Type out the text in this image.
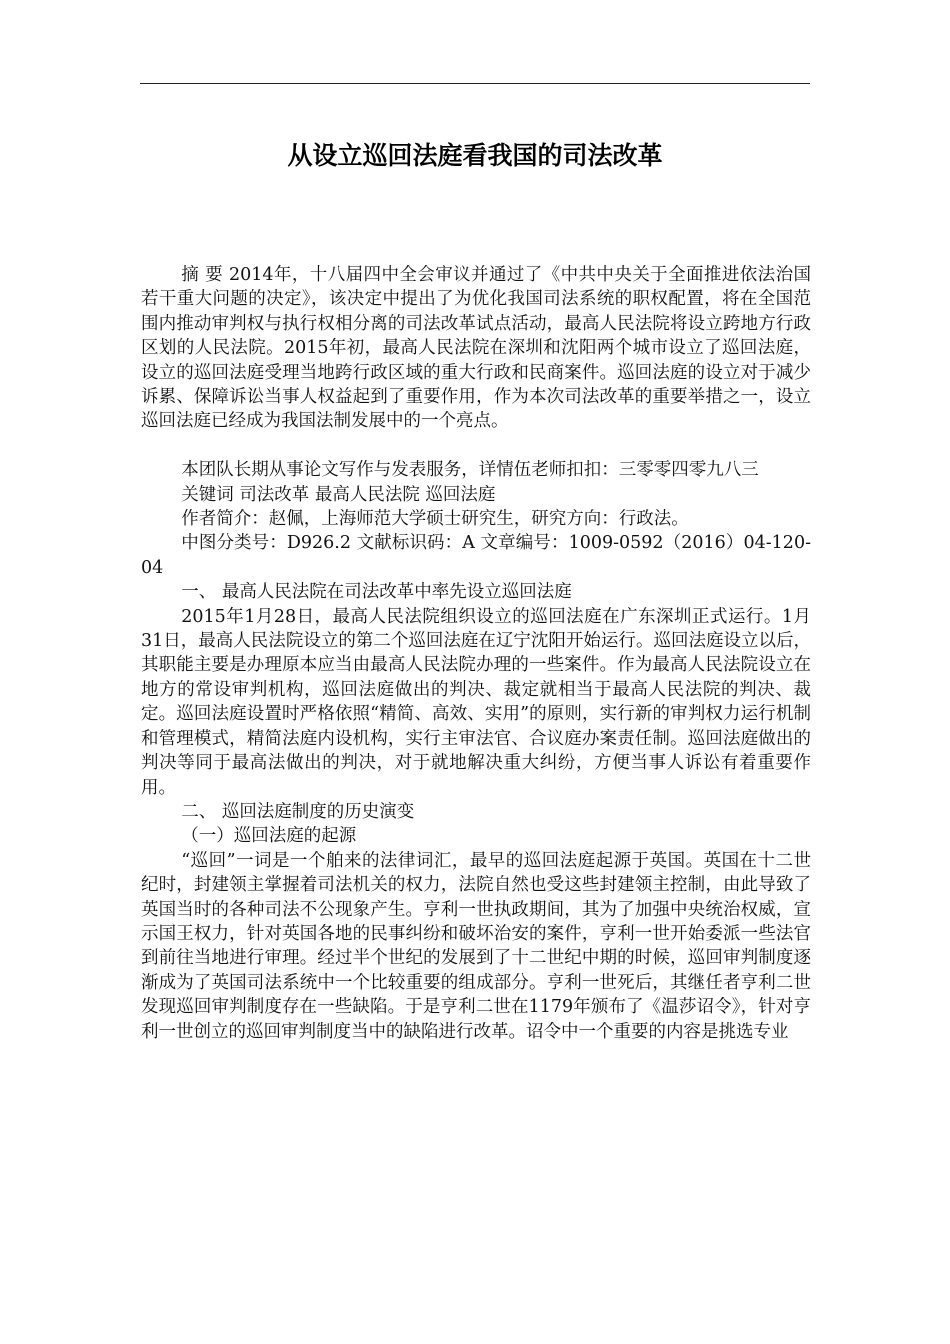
从设立巡回法庭看我国的司法改革

摘 要 2014年，十八届四中全会审议并通过了《中共中央关于全面推进依法治国若干重大问题的决定》，该决定中提出了为优化我国司法系统的职权配置，将在全国范围内推动审判权与执行权相分离的司法改革试点活动，最高人民法院将设立跨地方行政区划的人民法院。2015年初，最高人民法院在深圳和沈阳两个城市设立了巡回法庭，设立的巡回法庭受理当地跨行政区域的重大行政和民商案件。巡回法庭的设立对于减少诉累、保障诉讼当事人权益起到了重要作用，作为本次司法改革的重要举措之一，设立巡回法庭已经成为我国法制发展中的一个亮点。

本团队长期从事论文写作与发表服务，详情伍老师扣扣：三零零四零九八三

关键词 司法改革 最高人民法院 巡回法庭

作者简介：赵佩，上海师范大学硕士研究生，研究方向：行政法。

中图分类号：D926.2 文献标识码：A 文章编号：1009-0592（2016）04-120-04

一、 最高人民法院在司法改革中率先设立巡回法庭

2015年1月28日，最高人民法院组织设立的巡回法庭在广东深圳正式运行。1月31日，最高人民法院设立的第二个巡回法庭在辽宁沈阳开始运行。巡回法庭设立以后，其职能主要是办理原本应当由最高人民法院办理的一些案件。作为最高人民法院设立在地方的常设审判机构，巡回法庭做出的判决、裁定就相当于最高人民法院的判决、裁定。巡回法庭设置时严格依照“精简、高效、实用”的原则，实行新的审判权力运行机制和管理模式，精简法庭内设机构，实行主审法官、合议庭办案责任制。巡回法庭做出的判决等同于最高法做出的判决，对于就地解决重大纠纷，方便当事人诉讼有着重要作用。

二、 巡回法庭制度的历史演变

（一）巡回法庭的起源

“巡回”一词是一个舶来的法律词汇，最早的巡回法庭起源于英国。英国在十二世纪时，封建领主掌握着司法机关的权力，法院自然也受这些封建领主控制，由此导致了英国当时的各种司法不公现象产生。亨利一世执政期间，其为了加强中央统治权威，宣示国王权力，针对英国各地的民事纠纷和破坏治安的案件，亨利一世开始委派一些法官到前往当地进行审理。经过半个世纪的发展到了十二世纪中期的时候，巡回审判制度逐渐成为了英国司法系统中一个比较重要的组成部分。亨利一世死后，其继任者亨利二世发现巡回审判制度存在一些缺陷。于是亨利二世在1179年颁布了《温莎诏令》，针对亨利一世创立的巡回审判制度当中的缺陷进行改革。诏令中一个重要的内容是挑选专业
